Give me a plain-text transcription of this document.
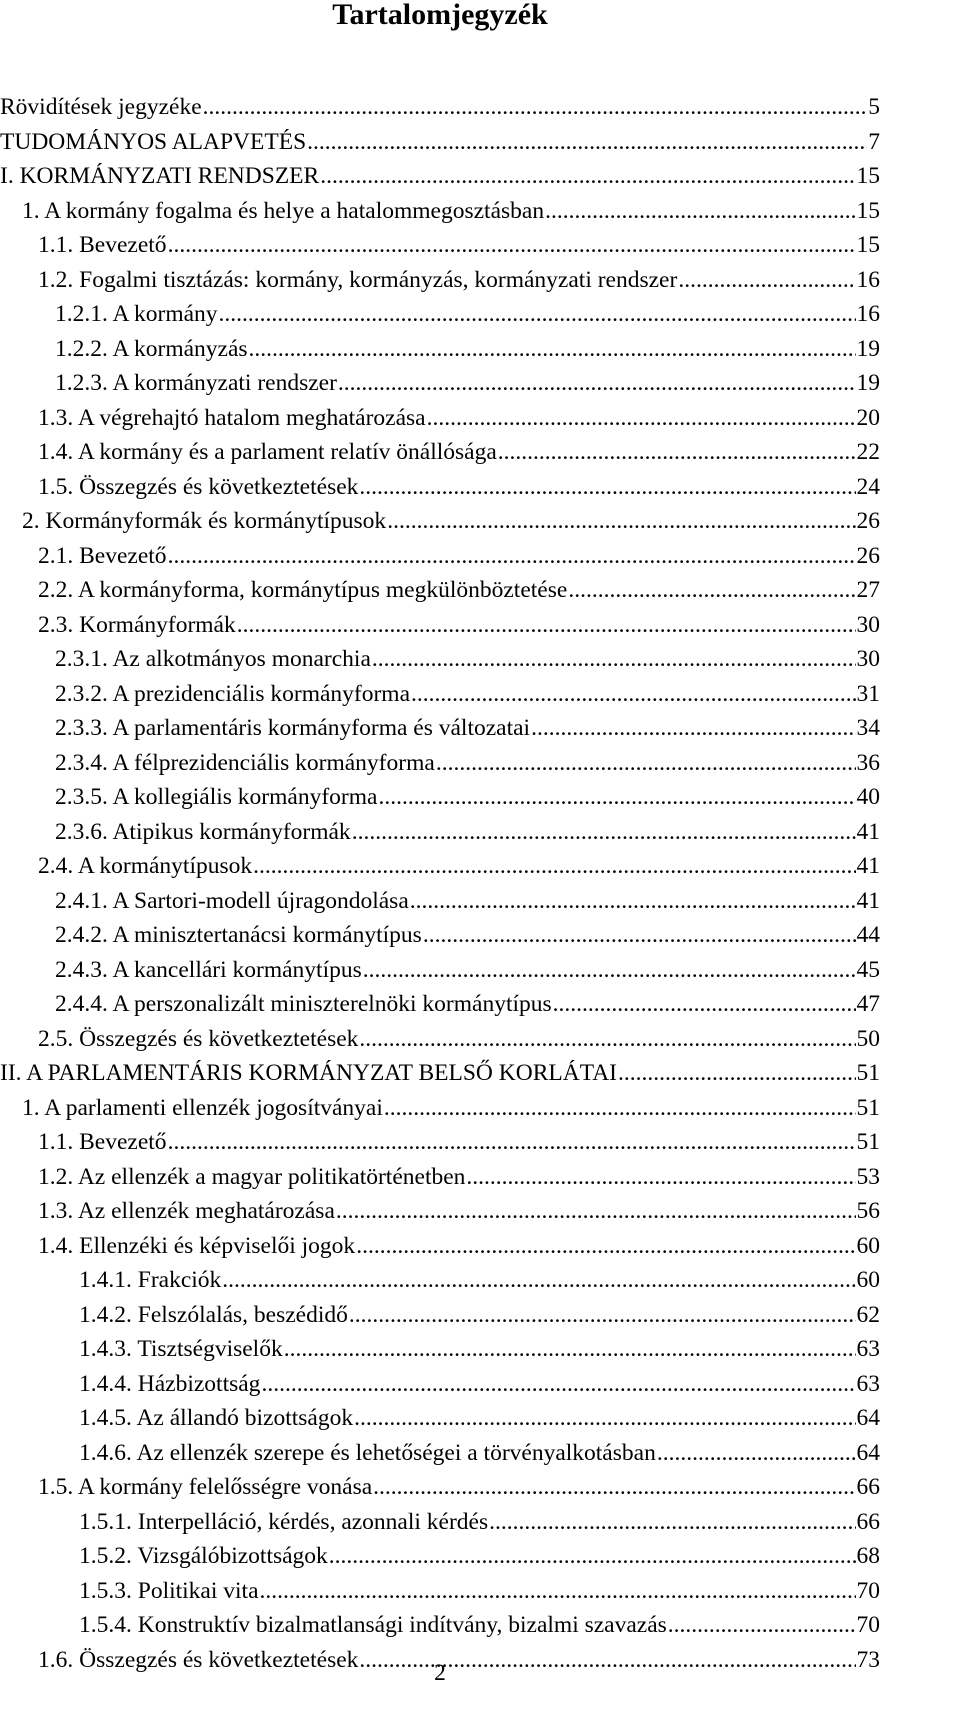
Tartalomjegyzék
Rövidítések jegyzéke .....	5
TUDOMÁNYOS ALAPVETÉS .....	7
I. KORMÁNYZATI RENDSZER .....	15
1. A kormány fogalma és helye a hatalommegosztásban .....	15
1.1. Bevezető .....	15
1.2. Fogalmi tisztázás: kormány, kormányzás, kormányzati rendszer .....	16
1.2.1. A kormány .....	16
1.2.2. A kormányzás .....	19
1.2.3. A kormányzati rendszer .....	19
1.3. A végrehajtó hatalom meghatározása .....	20
1.4. A kormány és a parlament relatív önállósága .....	22
1.5. Összegzés és következtetések .....	24
2. Kormányformák és kormánytípusok .....	26
2.1. Bevezető .....	26
2.2. A kormányforma, kormánytípus megkülönböztetése .....	27
2.3. Kormányformák .....	30
2.3.1. Az alkotmányos monarchia .....	30
2.3.2. A prezidenciális kormányforma .....	31
2.3.3. A parlamentáris kormányforma és változatai .....	34
2.3.4. A félprezidenciális kormányforma .....	36
2.3.5. A kollegiális kormányforma .....	40
2.3.6. Atipikus kormányformák .....	41
2.4. A kormánytípusok .....	41
2.4.1. A Sartori-modell újragondolása .....	41
2.4.2. A minisztertanácsi kormánytípus .....	44
2.4.3. A kancellári kormánytípus .....	45
2.4.4. A perszonalizált miniszterelnöki kormánytípus .....	47
2.5. Összegzés és következtetések .....	50
II. A PARLAMENTÁRIS KORMÁNYZAT BELSŐ KORLÁTAI .....	51
1. A parlamenti ellenzék jogosítványai .....	51
1.1. Bevezető .....	51
1.2. Az ellenzék a magyar politikatörténetben .....	53
1.3. Az ellenzék meghatározása .....	56
1.4. Ellenzéki és képviselői jogok .....	60
1.4.1. Frakciók .....	60
1.4.2. Felszólalás, beszédidő .....	62
1.4.3. Tisztségviselők .....	63
1.4.4. Házbizottság .....	63
1.4.5. Az állandó bizottságok .....	64
1.4.6. Az ellenzék szerepe és lehetőségei a törvényalkotásban .....	64
1.5. A kormány felelősségre vonása .....	66
1.5.1. Interpelláció, kérdés, azonnali kérdés .....	66
1.5.2. Vizsgálóbizottságok .....	68
1.5.3. Politikai vita .....	70
1.5.4. Konstruktív bizalmatlansági indítvány, bizalmi szavazás .....	70
1.6. Összegzés és következtetések .....	73
2
